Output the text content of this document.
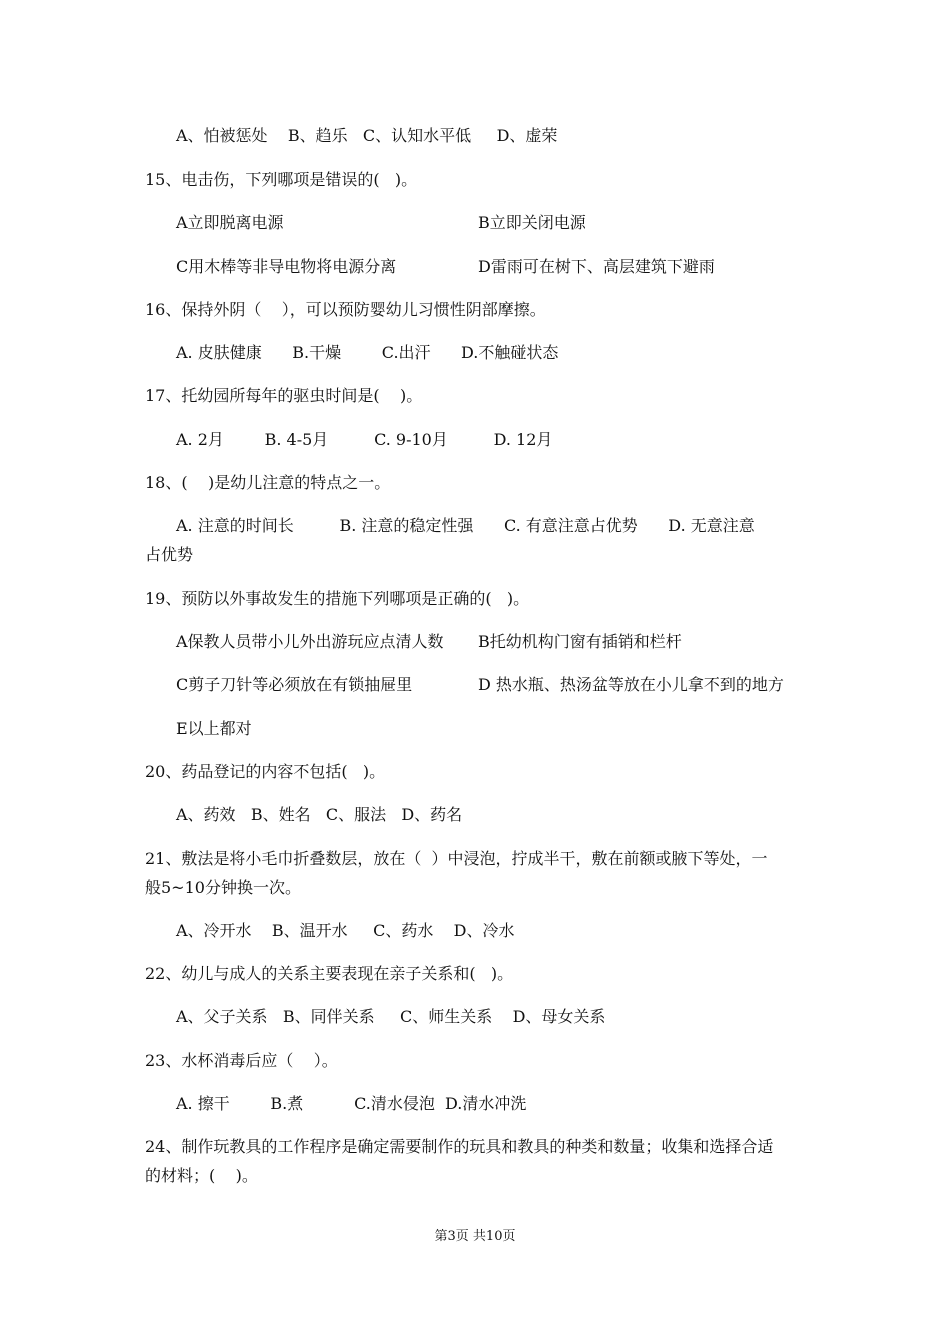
A、怕被惩处    B、趋乐   C、认知水平低     D、虚荣
15、电击伤，下列哪项是错误的(   )。
A立即脱离电源	B立即关闭电源
C用木棒等非导电物将电源分离	D雷雨可在树下、高层建筑下避雨
16、保持外阴（    ），可以预防婴幼儿习惯性阴部摩擦。
A. 皮肤健康      B.干燥        C.出汗      D.不触碰状态
17、托幼园所每年的驱虫时间是(    )。
A. 2月        B. 4-5月         C. 9-10月         D. 12月
18、(    )是幼儿注意的特点之一。
A. 注意的时间长         B. 注意的稳定性强      C. 有意注意占优势      D. 无意注意
占优势
19、预防以外事故发生的措施下列哪项是正确的(   )。
A保教人员带小儿外出游玩应点清人数 B托幼机构门窗有插销和栏杆
C剪子刀针等必须放在有锁抽屉里	D 热水瓶、热汤盆等放在小儿拿不到的地方
E以上都对
20、药品登记的内容不包括(   )。
A、药效   B、姓名   C、服法   D、药名
21、敷法是将小毛巾折叠数层，放在（  ）中浸泡，拧成半干，敷在前额或腋下等处，一
般5~10分钟换一次。
A、冷开水    B、温开水     C、药水    D、冷水
22、幼儿与成人的关系主要表现在亲子关系和(   )。
A、父子关系   B、同伴关系     C、师生关系    D、母女关系
23、水杯消毒后应（    ）。
A. 擦干        B.煮          C.清水侵泡  D.清水冲洗
24、制作玩教具的工作程序是确定需要制作的玩具和教具的种类和数量；收集和选择合适
的材料；(    )。
第3页 共10页
